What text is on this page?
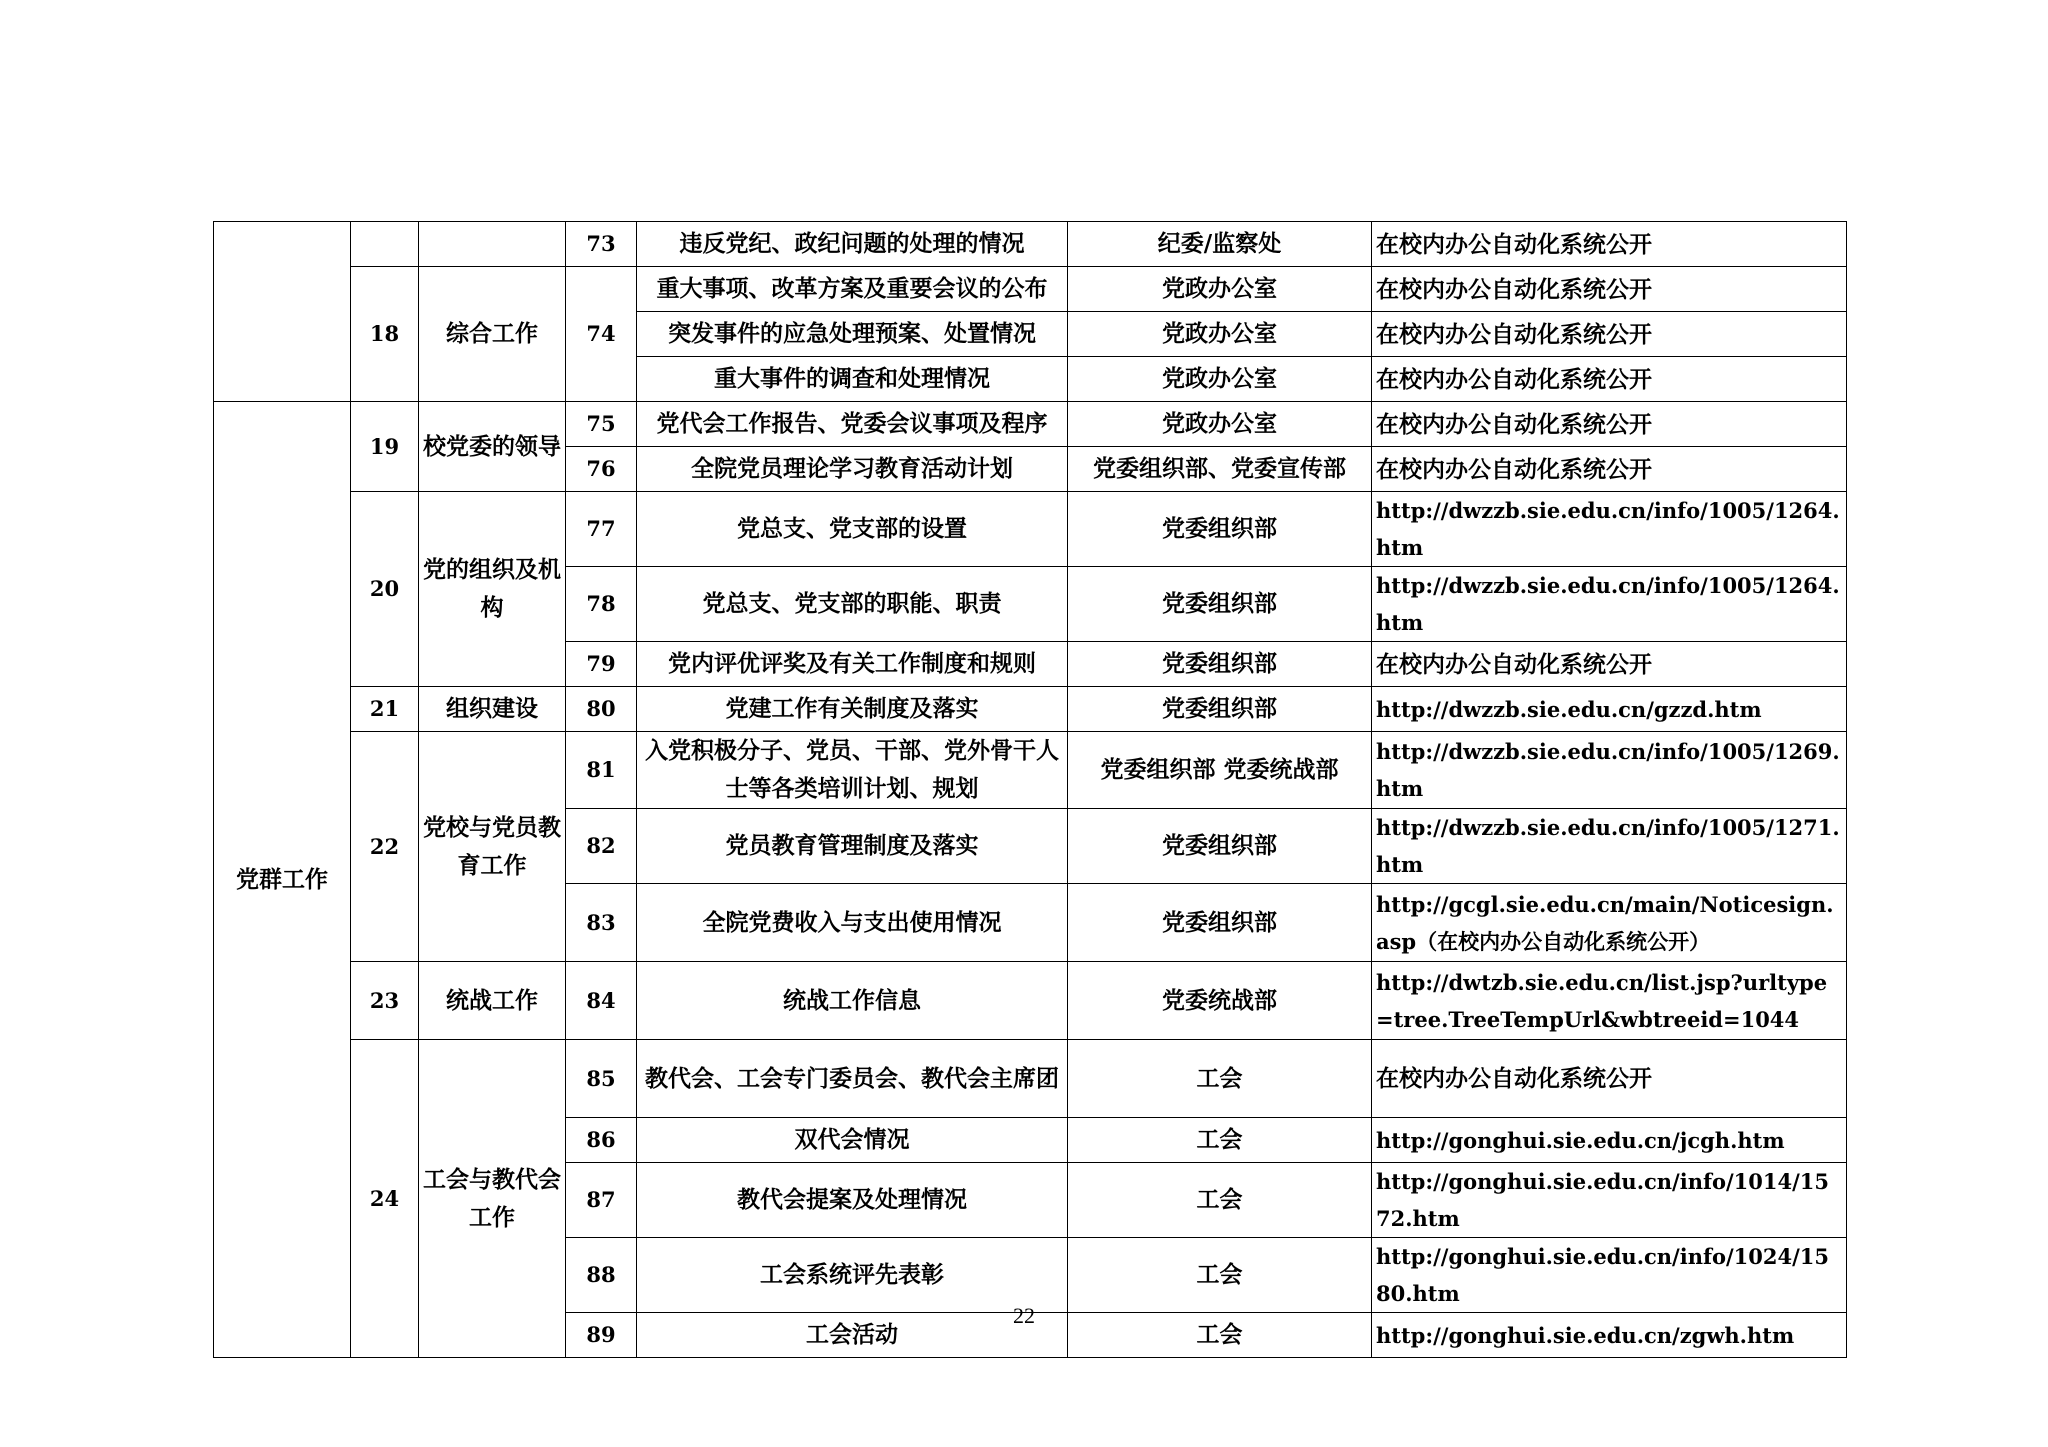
			73	违反党纪、政纪问题的处理的情况	纪委/监察处	在校内办公自动化系统公开
	18	综合工作	74	重大事项、改革方案及重要会议的公布	党政办公室	在校内办公自动化系统公开
				突发事件的应急处理预案、处置情况	党政办公室	在校内办公自动化系统公开
				重大事件的调查和处理情况	党政办公室	在校内办公自动化系统公开
党群工作	19	校党委的领导	75	党代会工作报告、党委会议事项及程序	党政办公室	在校内办公自动化系统公开
			76	全院党员理论学习教育活动计划	党委组织部、党委宣传部	在校内办公自动化系统公开
	20	党的组织及机构	77	党总支、党支部的设置	党委组织部	http://dwzzb.sie.edu.cn/info/1005/1264.htm
			78	党总支、党支部的职能、职责	党委组织部	http://dwzzb.sie.edu.cn/info/1005/1264.htm
			79	党内评优评奖及有关工作制度和规则	党委组织部	在校内办公自动化系统公开
	21	组织建设	80	党建工作有关制度及落实	党委组织部	http://dwzzb.sie.edu.cn/gzzd.htm
	22	党校与党员教育工作	81	入党积极分子、党员、干部、党外骨干人士等各类培训计划、规划	党委组织部 党委统战部	http://dwzzb.sie.edu.cn/info/1005/1269.htm
			82	党员教育管理制度及落实	党委组织部	http://dwzzb.sie.edu.cn/info/1005/1271.htm
			83	全院党费收入与支出使用情况	党委组织部	http://gcgl.sie.edu.cn/main/Noticesign.asp（在校内办公自动化系统公开）
	23	统战工作	84	统战工作信息	党委统战部	http://dwtzb.sie.edu.cn/list.jsp?urltype=tree.TreeTempUrl&wbtreeid=1044
	24	工会与教代会工作	85	教代会、工会专门委员会、教代会主席团	工会	在校内办公自动化系统公开
			86	双代会情况	工会	http://gonghui.sie.edu.cn/jcgh.htm
			87	教代会提案及处理情况	工会	http://gonghui.sie.edu.cn/info/1014/1572.htm
			88	工会系统评先表彰	工会	http://gonghui.sie.edu.cn/info/1024/1580.htm
			89	工会活动	工会	http://gonghui.sie.edu.cn/zgwh.htm
22
